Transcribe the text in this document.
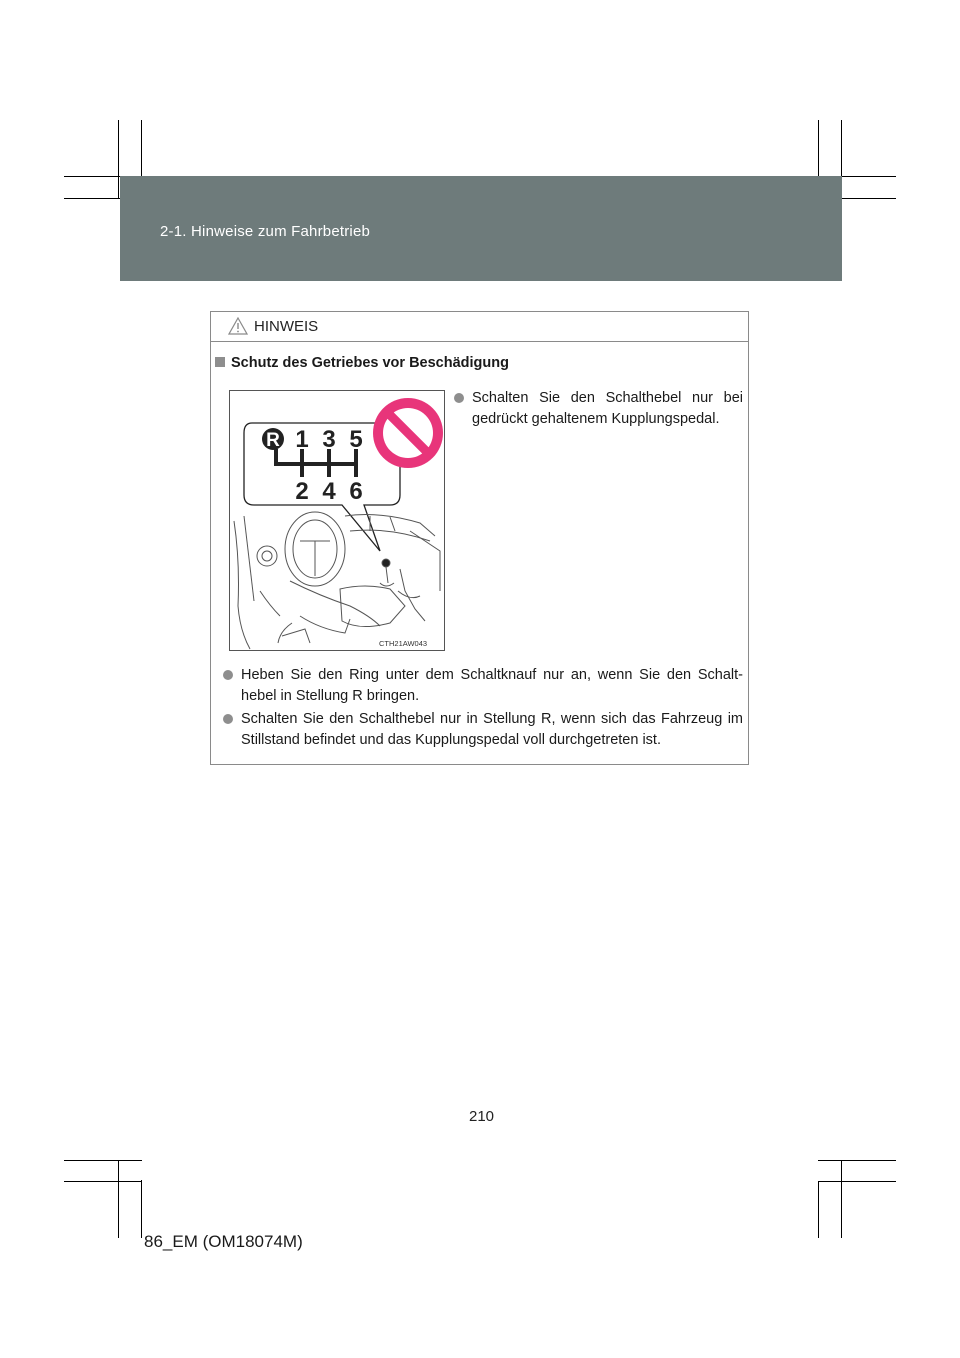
2-1. Hinweise zum Fahrbetrieb
HINWEIS
Schutz des Getriebes vor Beschädigung
R 1 3 5
2 4 6
CTH21AW043
Schalten Sie den Schalthebel nur bei gedrückt gehaltenem Kupplungspedal.
Heben Sie den Ring unter dem Schaltknauf nur an, wenn Sie den Schalt-hebel in Stellung R bringen.
Schalten Sie den Schalthebel nur in Stellung R, wenn sich das Fahrzeug im Stillstand befindet und das Kupplungspedal voll durchgetreten ist.
210
86_EM (OM18074M)
